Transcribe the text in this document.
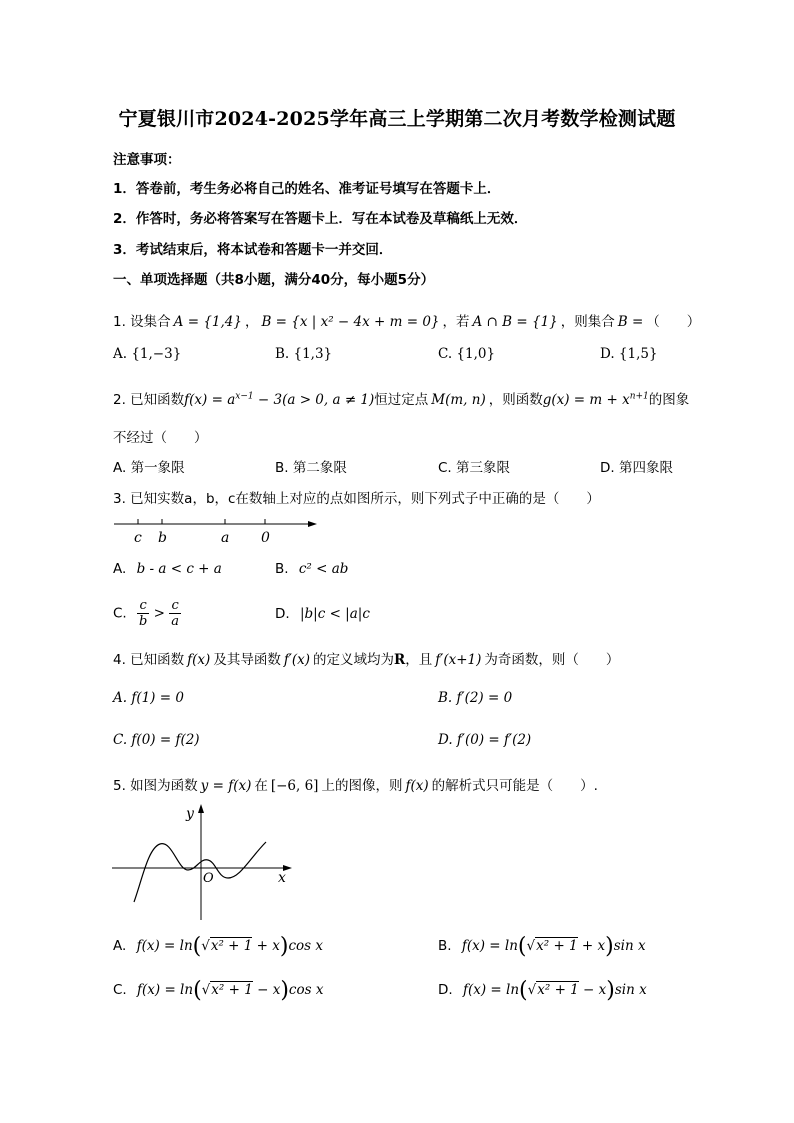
宁夏银川市2024-2025学年高三上学期第二次月考数学检测试题
注意事项：
1．答卷前，考生务必将自己的姓名、准考证号填写在答题卡上．
2．作答时，务必将答案写在答题卡上．写在本试卷及草稿纸上无效．
3．考试结束后，将本试卷和答题卡一并交回．
一、单项选择题（共8小题，满分40分，每小题5分）
1. 设集合 A = {1,4} ， B = {x | x² − 4x + m = 0} ，若 A ∩ B = {1} ，则集合 B = （　　）
A. {1,−3}	B. {1,3}	C. {1,0}	D. {1,5}
2. 已知函数$f(x) = a^{x-1} - 3(a > 0$, a ≠ 1)恒过定点 M(m, n) ，则函数$g(x) = m + x^{n+1}$的图象
不经过（　　）
A. 第一象限	B. 第二象限	C. 第三象限	D. 第四象限
3. 已知实数a，b，c在数轴上对应的点如图所示，则下列式子中正确的是（　　）
c b	a 0
A. b - a < c + a	B. c² < ab
C. $\frac{c}{b} > \frac{c}{a}$	D. |b|c < |a|c
4. 已知函数 f(x) 及其导函数 f′(x) 的定义域均为R，且 f′(x+1) 为奇函数，则（　　）
A. f(1) = 0	B. f′(2) = 0
C. f(0) = f(2)	D. f′(0) = f′(2)
5. 如图为函数 y = f(x) 在 [−6, 6] 上的图像，则 f(x) 的解析式只可能是（　　）.
y
x
O
A. f(x) = ln(√x² + 1 + x)cos x	B. f(x) = ln(√x² + 1 + x)sin x
C. f(x) = ln(√x² + 1 − x)cos x	D. f(x) = ln(√x² + 1 − x)sin x
